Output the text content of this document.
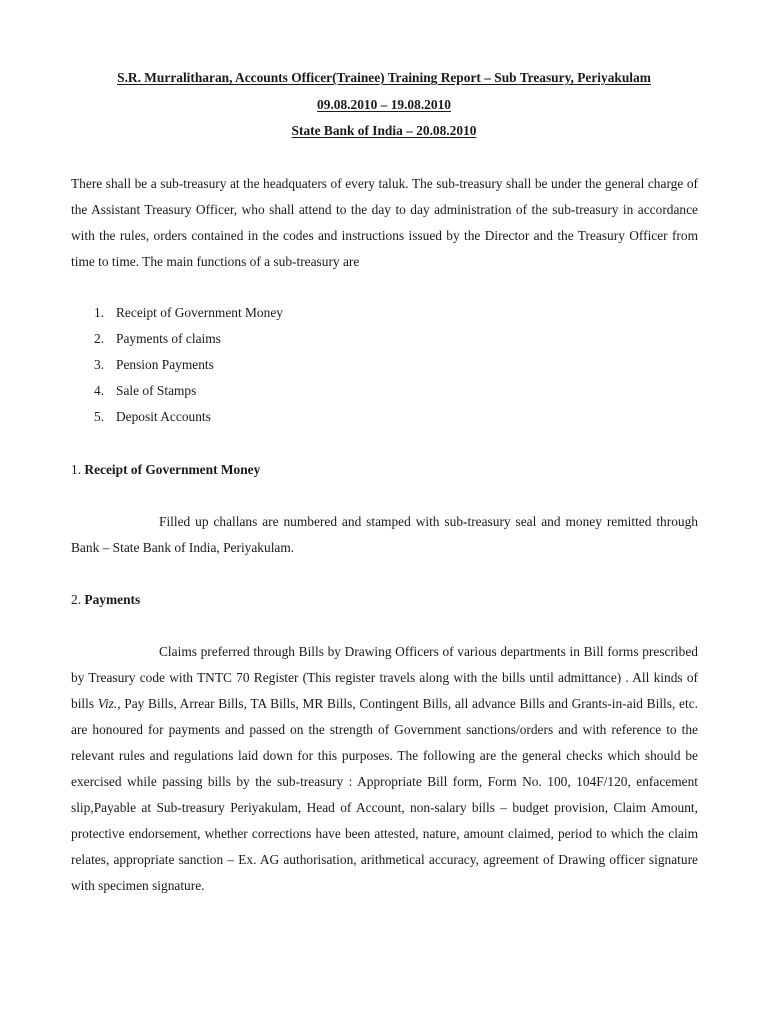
S.R. Murralitharan, Accounts Officer(Trainee) Training Report – Sub Treasury, Periyakulam
09.08.2010 – 19.08.2010
State Bank of India – 20.08.2010

There shall be a sub-treasury at the headquaters of every taluk. The sub-treasury shall be under the general charge of the Assistant Treasury Officer, who shall attend to the day to day administration of the sub-treasury in accordance with the rules, orders contained in the codes and instructions issued by the Director and the Treasury Officer from time to time. The main functions of a sub-treasury are

1. Receipt of Government Money
2. Payments of claims
3. Pension Payments
4. Sale of Stamps
5. Deposit Accounts
1. Receipt of Government Money

Filled up challans are numbered and stamped with sub-treasury seal and money remitted through Bank – State Bank of India, Periyakulam.

2. Payments

Claims preferred through Bills by Drawing Officers of various departments in Bill forms prescribed by Treasury code with TNTC 70 Register (This register travels along with the bills until admittance) . All kinds of bills Viz., Pay Bills, Arrear Bills, TA Bills, MR Bills, Contingent Bills, all advance Bills and Grants-in-aid Bills, etc. are honoured for payments and passed on the strength of Government sanctions/orders and with reference to the relevant rules and regulations laid down for this purposes. The following are the general checks which should be exercised while passing bills by the sub-treasury : Appropriate Bill form, Form No. 100, 104F/120, enfacement slip,Payable at Sub-treasury Periyakulam, Head of Account, non-salary bills – budget provision, Claim Amount, protective endorsement, whether corrections have been attested, nature, amount claimed, period to which the claim relates, appropriate sanction – Ex. AG authorisation, arithmetical accuracy, agreement of Drawing officer signature with specimen signature.
